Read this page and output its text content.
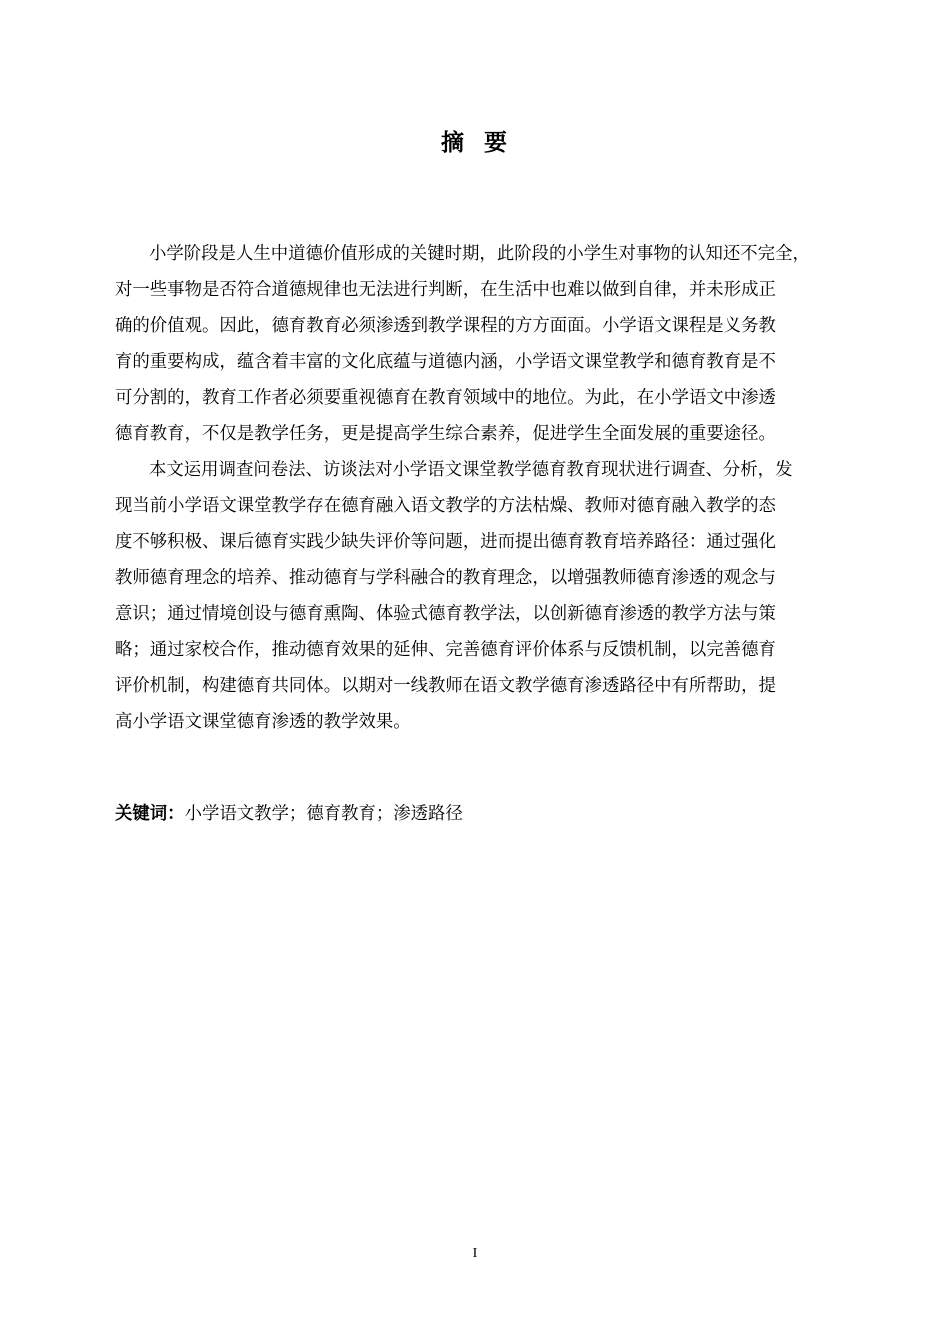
摘 要
小学阶段是人生中道德价值形成的关键时期，此阶段的小学生对事物的认知还不完全，
对一些事物是否符合道德规律也无法进行判断，在生活中也难以做到自律，并未形成正
确的价值观。因此，德育教育必须渗透到教学课程的方方面面。小学语文课程是义务教
育的重要构成，蕴含着丰富的文化底蕴与道德内涵，小学语文课堂教学和德育教育是不
可分割的，教育工作者必须要重视德育在教育领域中的地位。为此，在小学语文中渗透
德育教育，不仅是教学任务，更是提高学生综合素养，促进学生全面发展的重要途径。
本文运用调查问卷法、访谈法对小学语文课堂教学德育教育现状进行调查、分析，发
现当前小学语文课堂教学存在德育融入语文教学的方法枯燥、教师对德育融入教学的态
度不够积极、课后德育实践少缺失评价等问题，进而提出德育教育培养路径：通过强化
教师德育理念的培养、推动德育与学科融合的教育理念，以增强教师德育渗透的观念与
意识；通过情境创设与德育熏陶、体验式德育教学法，以创新德育渗透的教学方法与策
略；通过家校合作，推动德育效果的延伸、完善德育评价体系与反馈机制，以完善德育
评价机制，构建德育共同体。以期对一线教师在语文教学德育渗透路径中有所帮助，提
高小学语文课堂德育渗透的教学效果。
关键词：小学语文教学；德育教育；渗透路径
I
